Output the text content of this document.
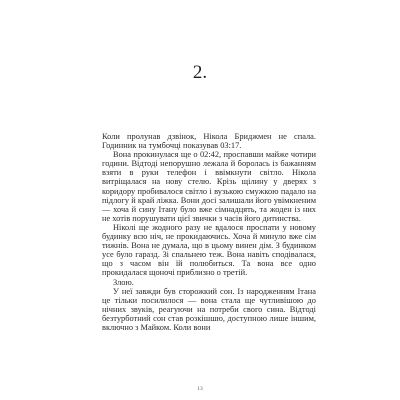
2.

Коли пролунав дзвінок, Нікола Бриджмен не спала. Годинник на тумбочці показував 03:17.

Вона прокинулася ще о 02:42, проспавши майже чотири години. Відтоді непорушно лежала й боролась із бажанням взяти в руки телефон і ввімкнути світло. Нікола витріщалася на нову стелю. Крізь щілину у дверях з коридору пробивалося світло і вузькою смужкою падало на підлогу й край ліжка. Вони досі залишали його увімкненим — хоча й сину Ітану було вже сімнадцять, та жоден із них не хотів порушувати цієї звички з часів його дитинства.

Ніколі ще жодного разу не вдалося проспати у новому будинку всю ніч, не прокидаючись. Хоча й минуло вже сім тижнів. Вона не думала, що в цьому винен дім. З будинком усе було гаразд. Зі спальнею теж. Вона навіть сподівалася, що з часом він їй полюбиться. Та вона все одно прокидалася щоночі приблизно о третій.

Злою.

У неї завжди був сторожкий сон. Із народженням Ітана це тільки посилилося — вона стала ще чутливішою до нічних звуків, реагуючи на потреби свого сина. Відтоді безтурботний сон став розкішшю, доступною лише іншим, включно з Майком. Коли вони

13
